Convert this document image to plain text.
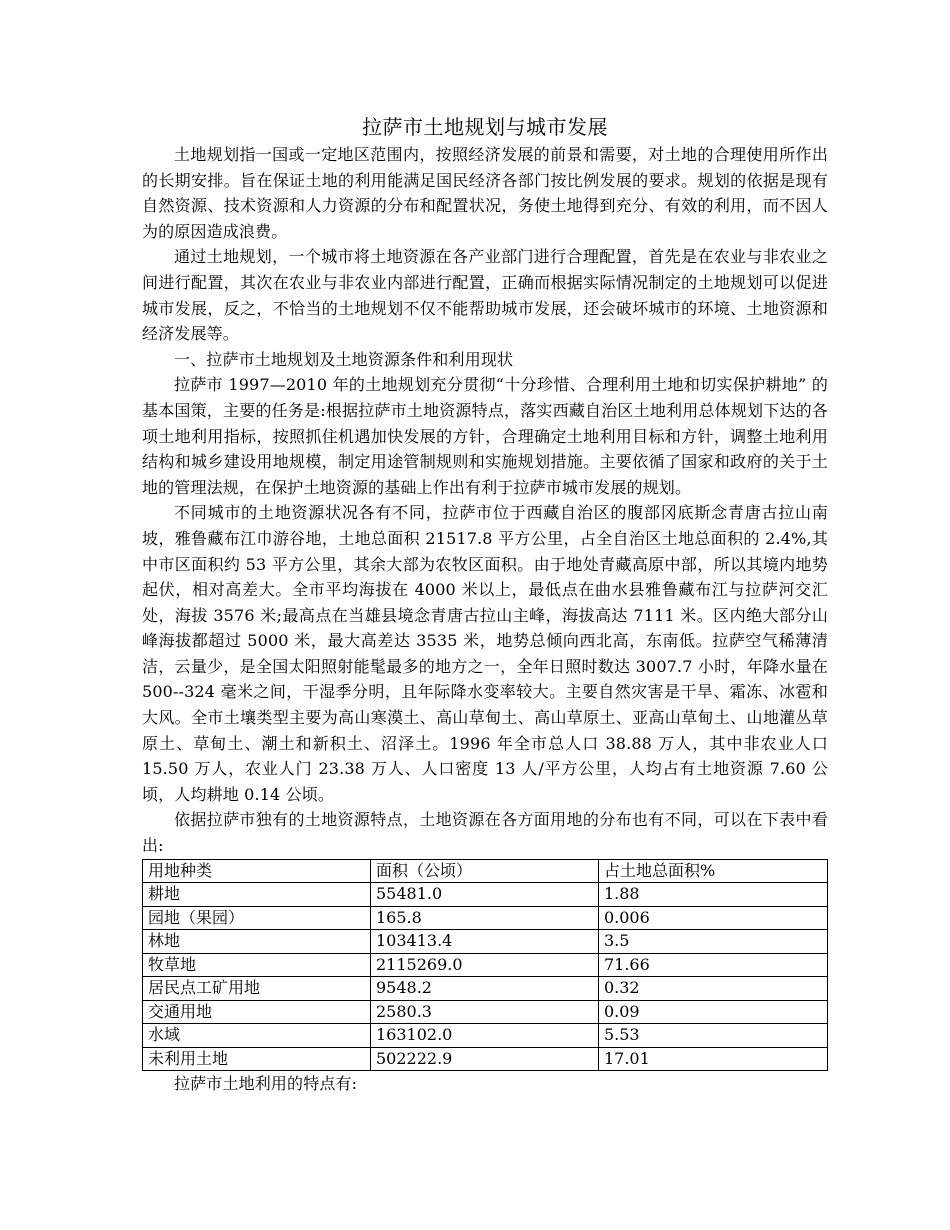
拉萨市土地规划与城市发展

土地规划指一国或一定地区范围内，按照经济发展的前景和需要，对土地的合理使用所作出的长期安排。旨在保证土地的利用能满足国民经济各部门按比例发展的要求。规划的依据是现有自然资源、技术资源和人力资源的分布和配置状况，务使土地得到充分、有效的利用，而不因人为的原因造成浪费。

通过土地规划，一个城市将土地资源在各产业部门进行合理配置，首先是在农业与非农业之间进行配置，其次在农业与非农业内部进行配置，正确而根据实际情况制定的土地规划可以促进城市发展，反之，不恰当的土地规划不仅不能帮助城市发展，还会破坏城市的环境、土地资源和经济发展等。

一、拉萨市土地规划及土地资源条件和利用现状

拉萨市 1997—2010 年的土地规划充分贯彻“十分珍惜、合理利用土地和切实保护耕地” 的基本国策，主要的任务是:根据拉萨市土地资源特点，落实西藏自治区土地利用总体规划下达的各项土地利用指标，按照抓住机遇加快发展的方针，合理确定土地利用目标和方针，调整土地利用结构和城乡建设用地规模，制定用途管制规则和实施规划措施。主要依循了国家和政府的关于土地的管理法规，在保护土地资源的基础上作出有利于拉萨市城市发展的规划。

不同城市的土地资源状况各有不同，拉萨市位于西藏自治区的腹部冈底斯念青唐古拉山南坡，雅鲁藏布江巾游谷地，土地总面积 21517.8 平方公里，占全自治区土地总面积的 2.4%,其中市区面积约 53 平方公里，其余大部为农牧区面积。由于地处青藏高原中部，所以其境内地势起伏，相对高差大。全市平均海拔在 4000 米以上，最低点在曲水县雅鲁藏布江与拉萨河交汇处，海拔 3576 米;最高点在当雄县境念青唐古拉山主峰，海拔高达 7111 米。区内绝大部分山峰海拔都超过 5000 米，最大高差达 3535 米，地势总倾向西北高，东南低。拉萨空气稀薄清洁，云量少，是全国太阳照射能髦最多的地方之一，全年日照时数达 3007.7 小时，年降水量在 500--324 毫米之间，干湿季分明，且年际降水变率较大。主要自然灾害是干旱、霜冻、冰雹和大风。全市土壤类型主要为高山寒漠土、高山草甸土、高山草原土、亚高山草甸土、山地灌丛草原土、草甸土、潮土和新积土、沼泽土。1996 年全市总人口 38.88 万人，其中非农业人口 15.50 万人，农业人门 23.38 万人、人口密度 13 人/平方公里，人均占有土地资源 7.60 公顷，人均耕地 0.14 公顷。

依据拉萨市独有的土地资源特点，土地资源在各方面用地的分布也有不同，可以在下表中看出:

用地种类	面积（公顷）	占土地总面积%
耕地	55481.0	1.88
园地（果园）	165.8	0.006
林地	103413.4	3.5
牧草地	2115269.0	71.66
居民点工矿用地	9548.2	0.32
交通用地	2580.3	0.09
水域	163102.0	5.53
未利用土地	502222.9	17.01

拉萨市土地利用的特点有:
